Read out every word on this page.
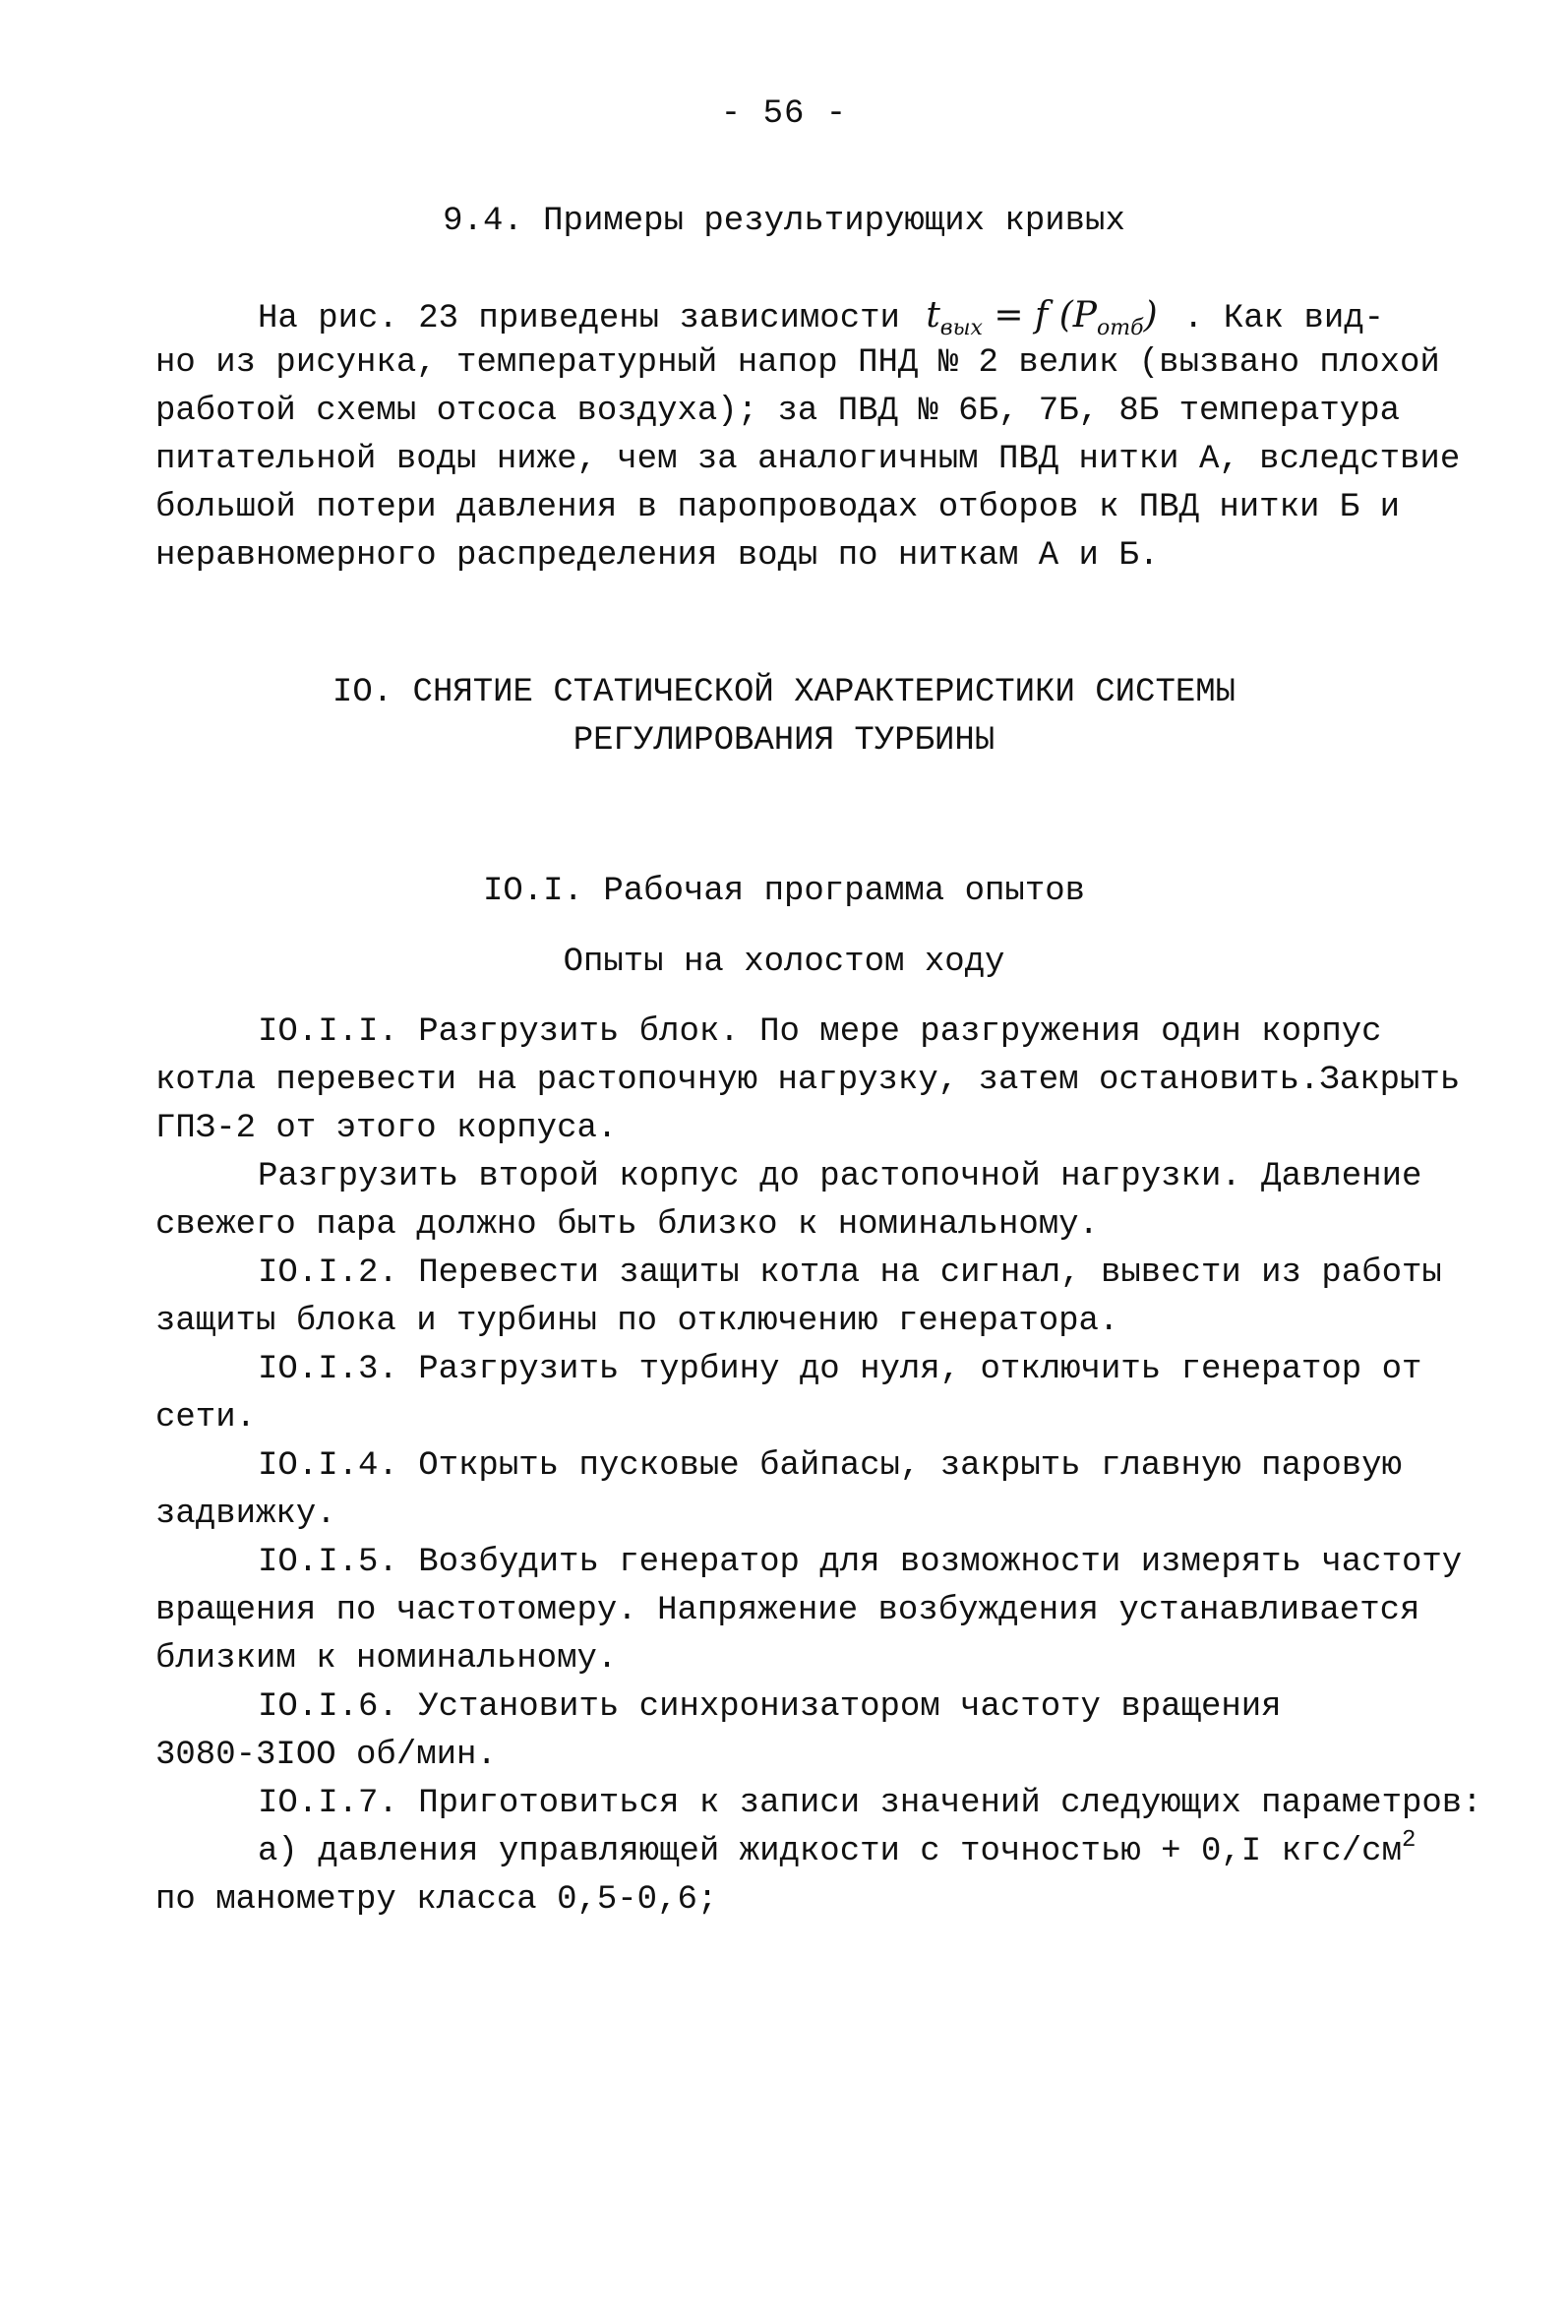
- 56 -
9.4. Примеры результирующих кривых
На рис. 23 приведены зависимости $t_{вых} = f$ $(P_{отб})$ . Как вид-
но из рисунка, температурный напор ПНД № 2 велик (вызвано плохой
работой схемы отсоса воздуха); за ПВД № 6Б, 7Б, 8Б температура
питательной воды ниже, чем за аналогичным ПВД нитки А, вследствие
большой потери давления в паропроводах отборов к ПВД нитки Б и
неравномерного распределения воды по ниткам А и Б.
IO. СНЯТИЕ СТАТИЧЕСКОЙ ХАРАКТЕРИСТИКИ СИСТЕМЫ
РЕГУЛИРОВАНИЯ ТУРБИНЫ
IO.I. Рабочая программа опытов
Опыты на холостом ходу
IO.I.I. Разгрузить блок. По мере разгружения один корпус
котла перевести на растопочную нагрузку, затем остановить.Закрыть
ГПЗ-2 от этого корпуса.
Разгрузить второй корпус до растопочной нагрузки. Давление
свежего пара должно быть близко к номинальному.
IO.I.2. Перевести защиты котла на сигнал, вывести из работы
защиты блока и турбины по отключению генератора.
IO.I.3. Разгрузить турбину до нуля, отключить генератор от
сети.
IO.I.4. Открыть пусковые байпасы, закрыть главную паровую
задвижку.
IO.I.5. Возбудить генератор для возможности измерять частоту
вращения по частотомеру. Напряжение возбуждения устанавливается
близким к номинальному.
IO.I.6. Установить синхронизатором частоту вращения
3080-3IOO об/мин.
IO.I.7. Приготовиться к записи значений следующих параметров:
а) давления управляющей жидкости с точностью + 0,I кгс/$см^2$
по манометру класса 0,5-0,6;
